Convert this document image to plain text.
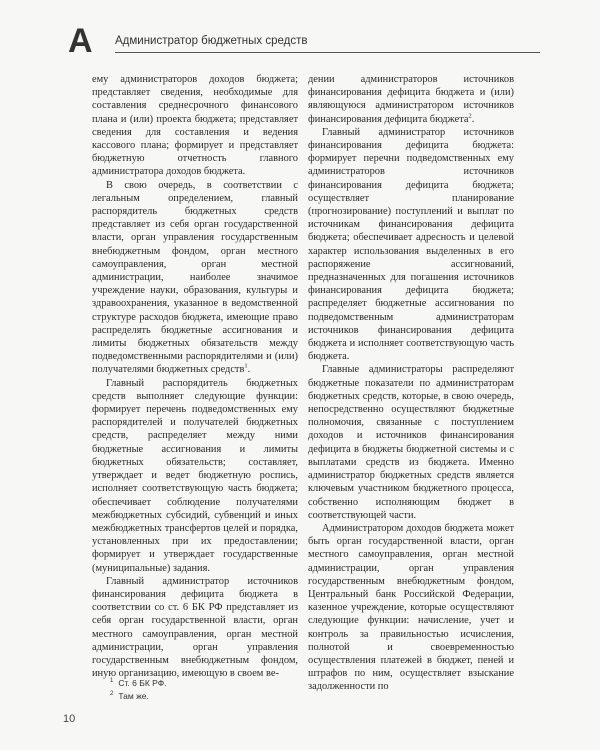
А Администратор бюджетных средств

ему администраторов доходов бюджета; представляет сведения, необходимые для составления среднесрочного финансового плана и (или) проекта бюджета; представляет сведения для составления и ведения кассового плана; формирует и представляет бюджетную отчетность главного администратора доходов бюджета.

В свою очередь, в соответствии с легальным определением, главный распорядитель бюджетных средств представляет из себя орган государственной власти, орган управления государственным внебюджетным фондом, орган местного самоуправления, орган местной администрации, наиболее значимое учреждение науки, образования, культуры и здравоохранения, указанное в ведомственной структуре расходов бюджета, имеющие право распределять бюджетные ассигнования и лимиты бюджетных обязательств между подведомственными распорядителями и (или) получателями бюджетных средств$^1$.

Главный распорядитель бюджетных средств выполняет следующие функции: формирует перечень подведомственных ему распорядителей и получателей бюджетных средств, распределяет между ними бюджетные ассигнования и лимиты бюджетных обязательств; составляет, утверждает и ведет бюджетную роспись, исполняет соответствующую часть бюджета; обеспечивает соблюдение получателями межбюджетных субсидий, субвенций и иных межбюджетных трансфертов целей и порядка, установленных при их предоставлении; формирует и утверждает государственные (муниципальные) задания.

Главный администратор источников финансирования дефицита бюджета в соответствии со ст. 6 БК РФ представляет из себя орган государственной власти, орган местного самоуправления, орган местной администрации, орган управления государственным внебюджетным фондом, иную организацию, имеющую в своем ве-

дении администраторов источников финансирования дефицита бюджета и (или) являющуюся администратором источников финансирования дефицита бюджета$^2$.

Главный администратор источников финансирования дефицита бюджета: формирует перечни подведомственных ему администраторов источников финансирования дефицита бюджета; осуществляет планирование (прогнозирование) поступлений и выплат по источникам финансирования дефицита бюджета; обеспечивает адресность и целевой характер использования выделенных в его распоряжение ассигнований, предназначенных для погашения источников финансирования дефицита бюджета; распределяет бюджетные ассигнования по подведомственным администраторам источников финансирования дефицита бюджета и исполняет соответствующую часть бюджета.

Главные администраторы распределяют бюджетные показатели по администраторам бюджетных средств, которые, в свою очередь, непосредственно осуществляют бюджетные полномочия, связанные с поступлением доходов и источников финансирования дефицита в бюджеты бюджетной системы и с выплатами средств из бюджета. Именно администратор бюджетных средств является ключевым участником бюджетного процесса, собственно исполняющим бюджет в соответствующей части.

Администратором доходов бюджета может быть орган государственной власти, орган местного самоуправления, орган местной администрации, орган управления государственным внебюджетным фондом, Центральный банк Российской Федерации, казенное учреждение, которые осуществляют следующие функции: начисление, учет и контроль за правильностью исчисления, полнотой и своевременностью осуществления платежей в бюджет, пеней и штрафов по ним, осуществляет взыскание задолженности по

$^1$ Ст. 6 БК РФ.
$^2$ Там же.
10
